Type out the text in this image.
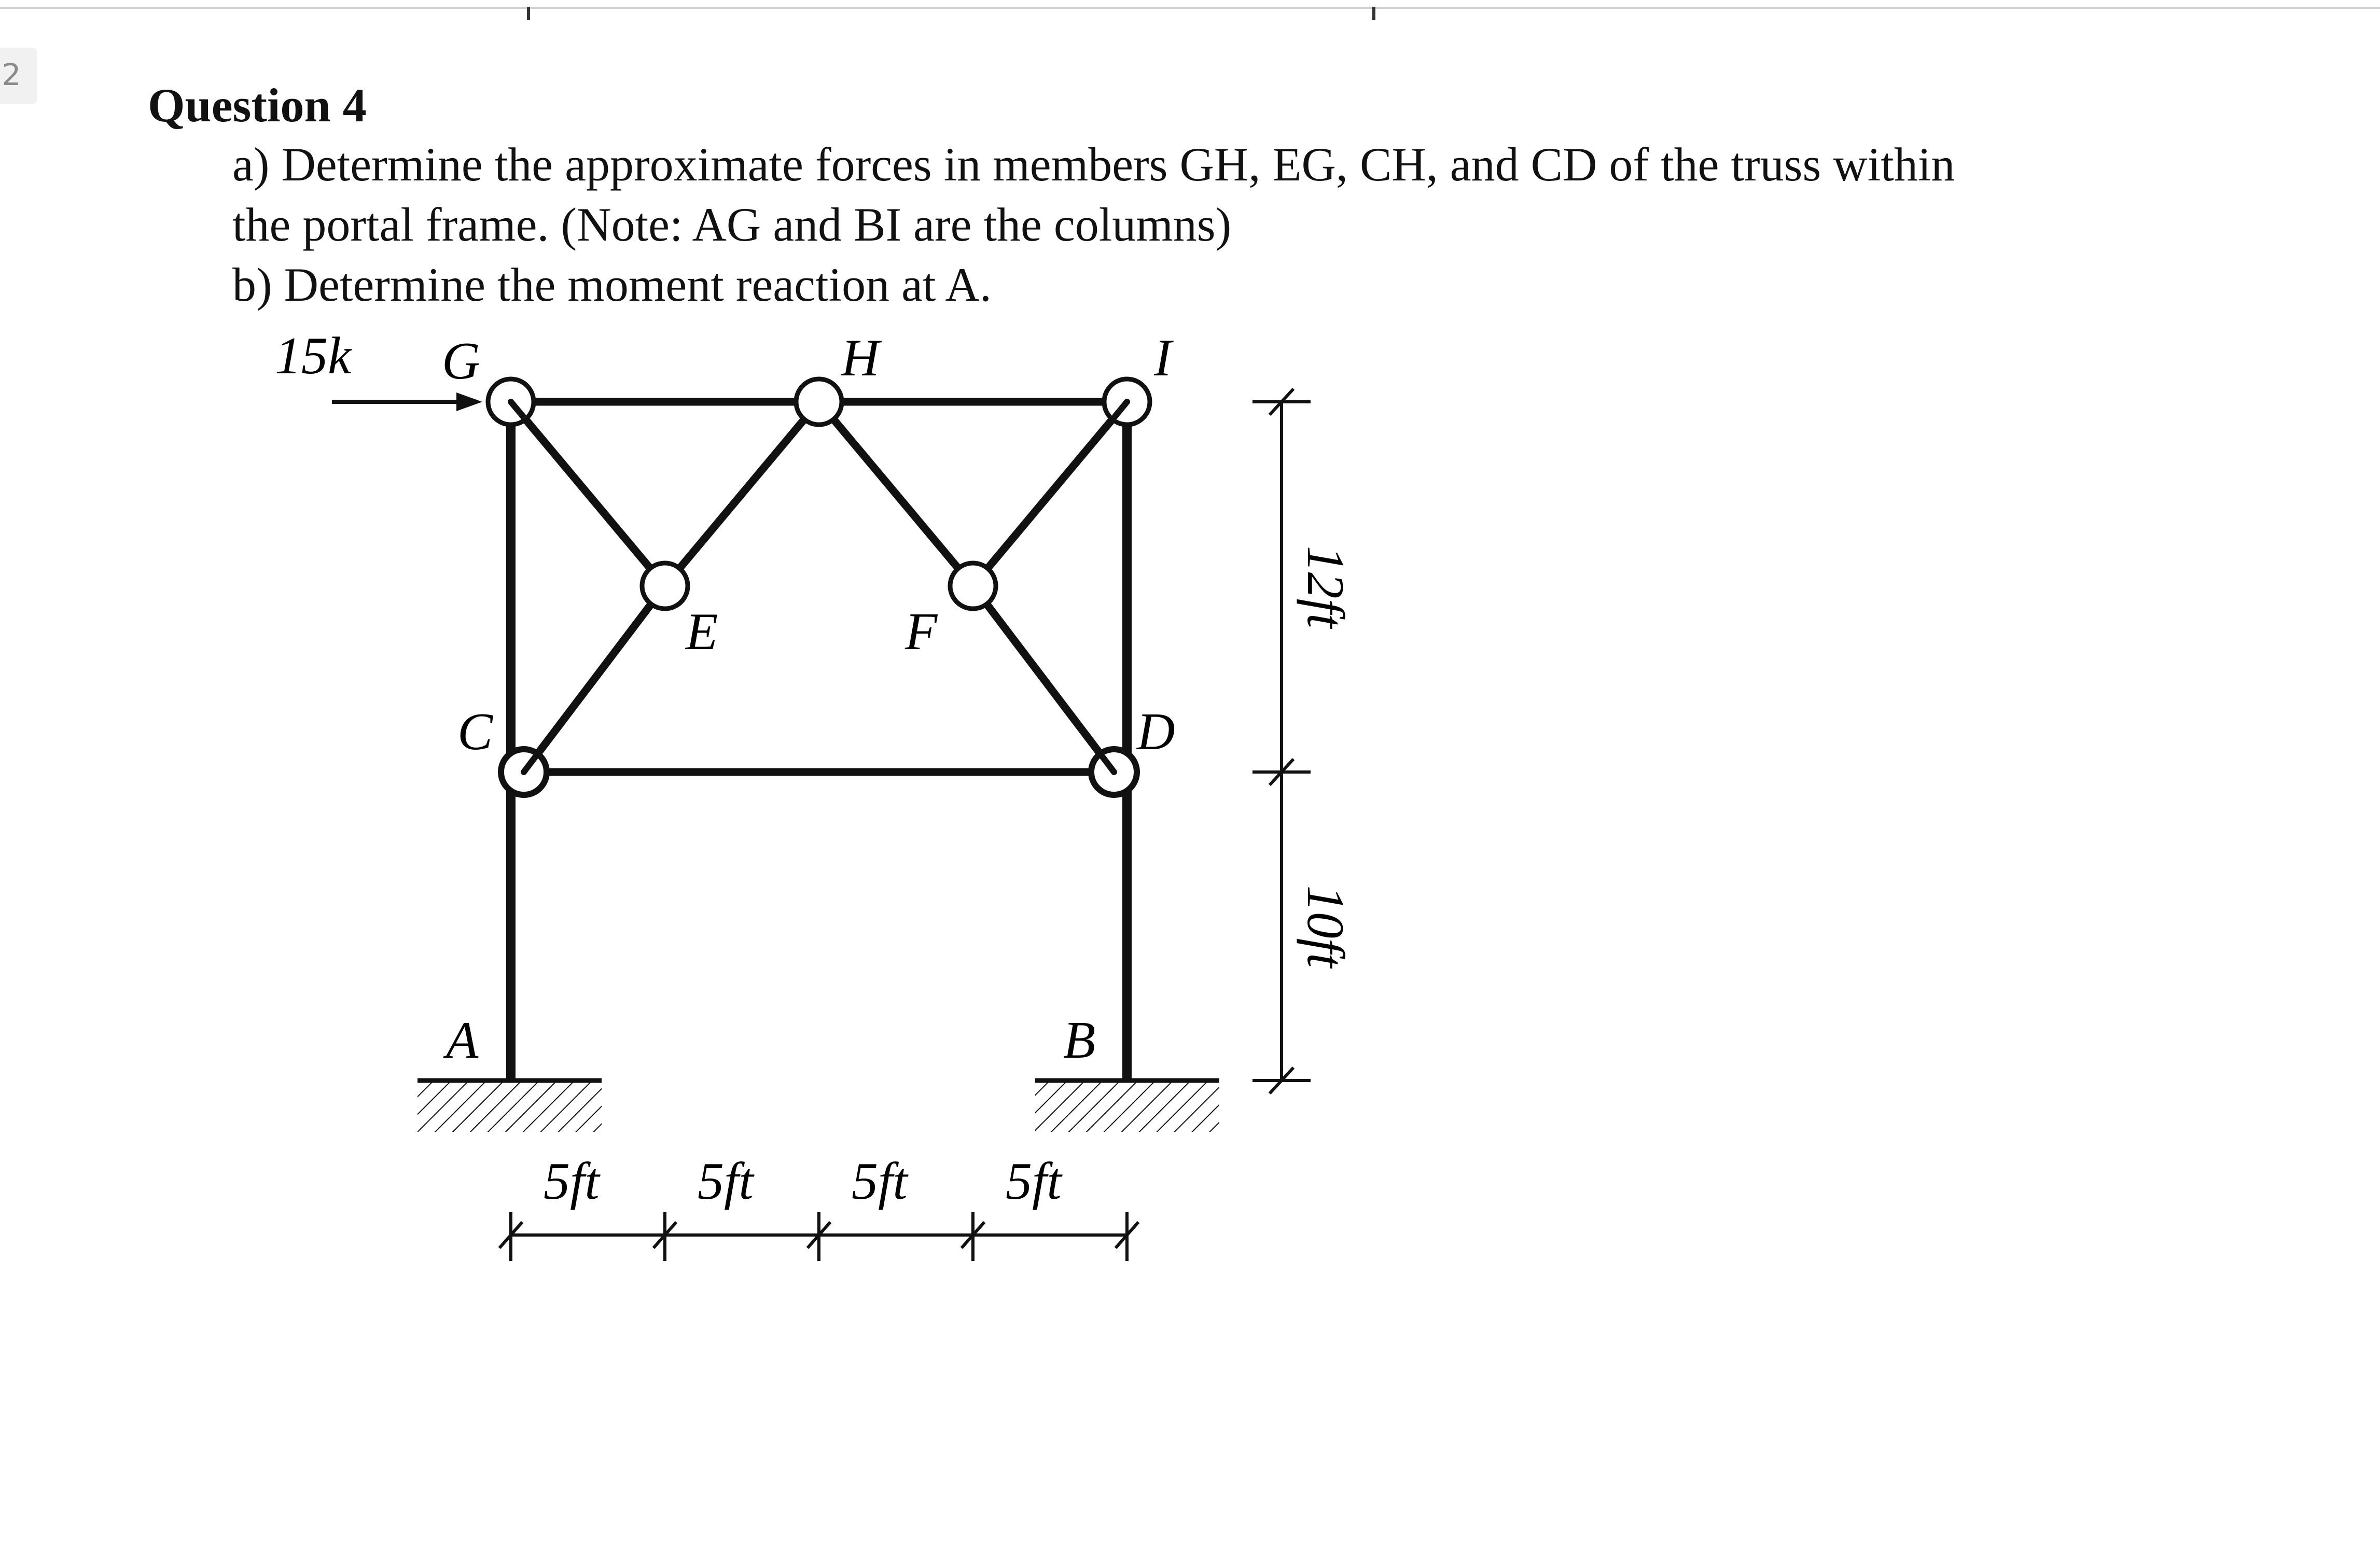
2
Question 4
a) Determine the approximate forces in members GH, EG, CH, and CD of the truss within
the portal frame. (Note: AG and BI are the columns)
b) Determine the moment reaction at A.
15k G	H	I
E	F
C	D
A	B
5ft 5ft 5ft 5ft
12ft
10ft
